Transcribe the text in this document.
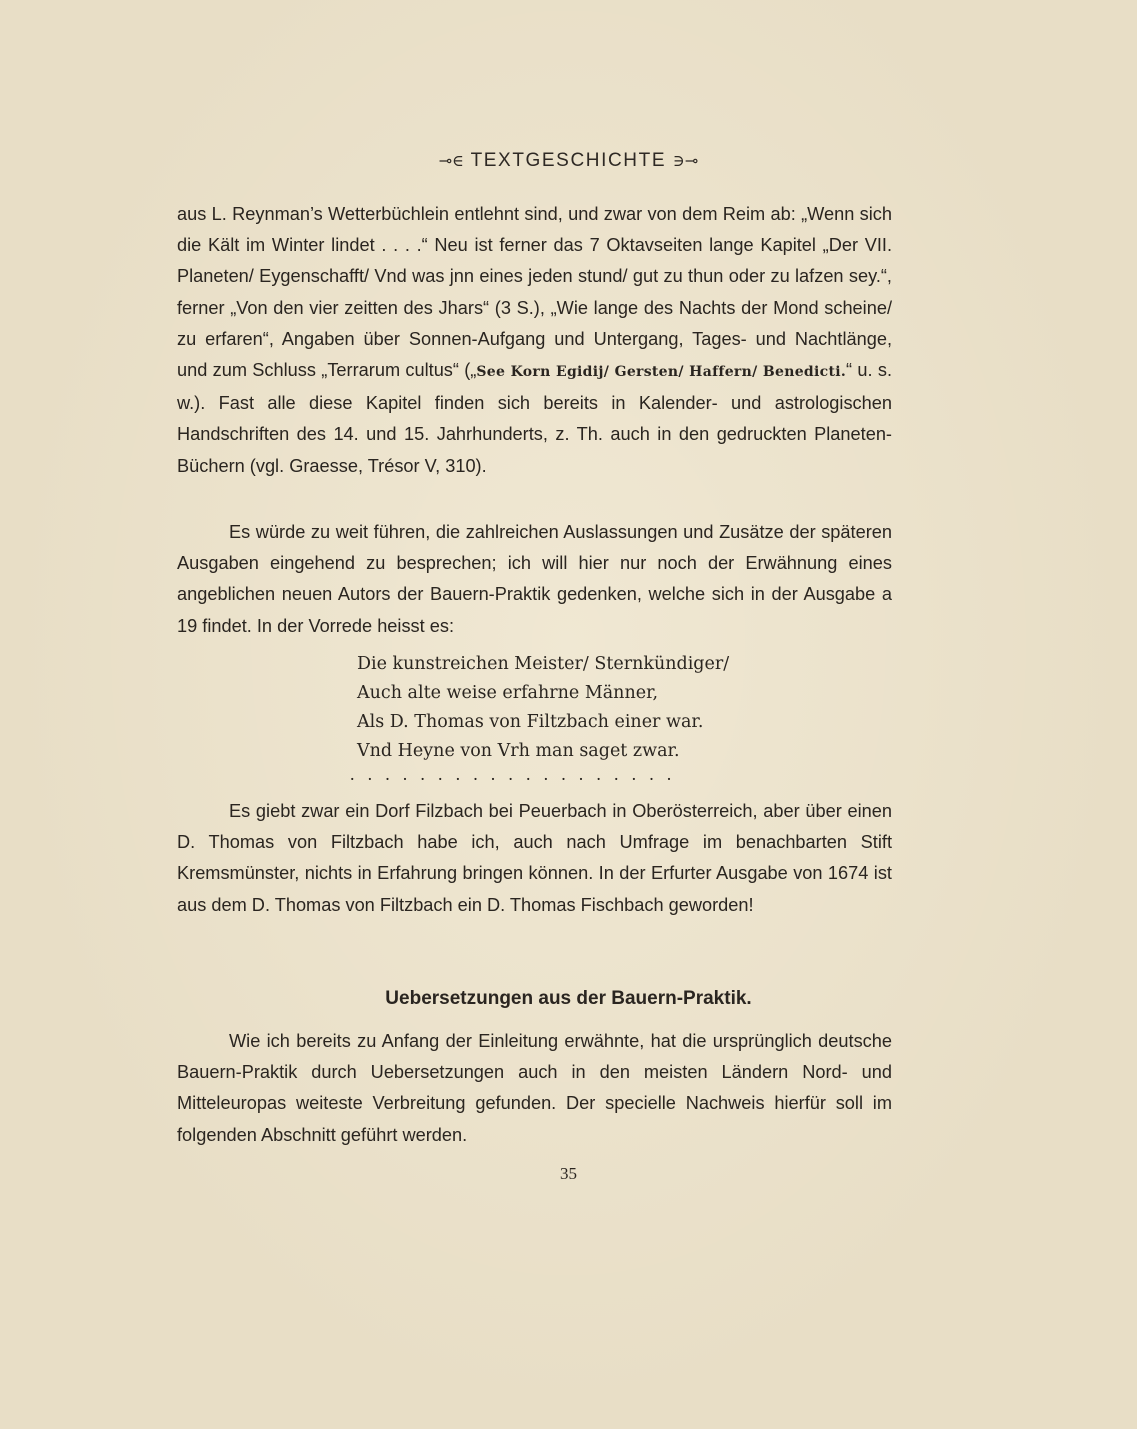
⊸∈ TEXTGESCHICHTE ∋⊸

aus L. Reynman’s Wetterbüchlein entlehnt sind, und zwar von dem Reim ab: „Wenn sich die Kält im Winter lindet . . . .“ Neu ist ferner das 7 Oktavseiten lange Kapitel „Der VII. Planeten/ Eygenschafft/ Vnd was jnn eines jeden stund/ gut zu thun oder zu lafzen sey.“, ferner „Von den vier zeitten des Jhars“ (3 S.), „Wie lange des Nachts der Mond scheine/ zu erfaren“, Angaben über Sonnen-Aufgang und Untergang, Tages- und Nachtlänge, und zum Schluss „Terrarum cultus“ („See Korn Egidij/ Gersten/ Haffern/ Benedicti.“ u. s. w.). Fast alle diese Kapitel finden sich bereits in Kalender- und astrologischen Handschriften des 14. und 15. Jahrhunderts, z. Th. auch in den gedruckten Planeten-Büchern (vgl. Graesse, Trésor V, 310).

Es würde zu weit führen, die zahlreichen Auslassungen und Zusätze der späteren Ausgaben eingehend zu besprechen; ich will hier nur noch der Erwähnung eines angeblichen neuen Autors der Bauern-Praktik gedenken, welche sich in der Ausgabe a 19 findet. In der Vorrede heisst es:

Die kunstreichen Meister/ Sternkündiger/
Auch alte weise erfahrne Männer,
Als D. Thomas von Filtzbach einer war.
Vnd Heyne von Vrh man saget zwar.
...................

Es giebt zwar ein Dorf Filzbach bei Peuerbach in Oberösterreich, aber über einen D. Thomas von Filtzbach habe ich, auch nach Umfrage im benachbarten Stift Kremsmünster, nichts in Erfahrung bringen können. In der Erfurter Ausgabe von 1674 ist aus dem D. Thomas von Filtzbach ein D. Thomas Fischbach geworden!

Uebersetzungen aus der Bauern-Praktik.

Wie ich bereits zu Anfang der Einleitung erwähnte, hat die ursprünglich deutsche Bauern-Praktik durch Uebersetzungen auch in den meisten Ländern Nord- und Mitteleuropas weiteste Verbreitung gefunden. Der specielle Nachweis hierfür soll im folgenden Abschnitt geführt werden.

35
